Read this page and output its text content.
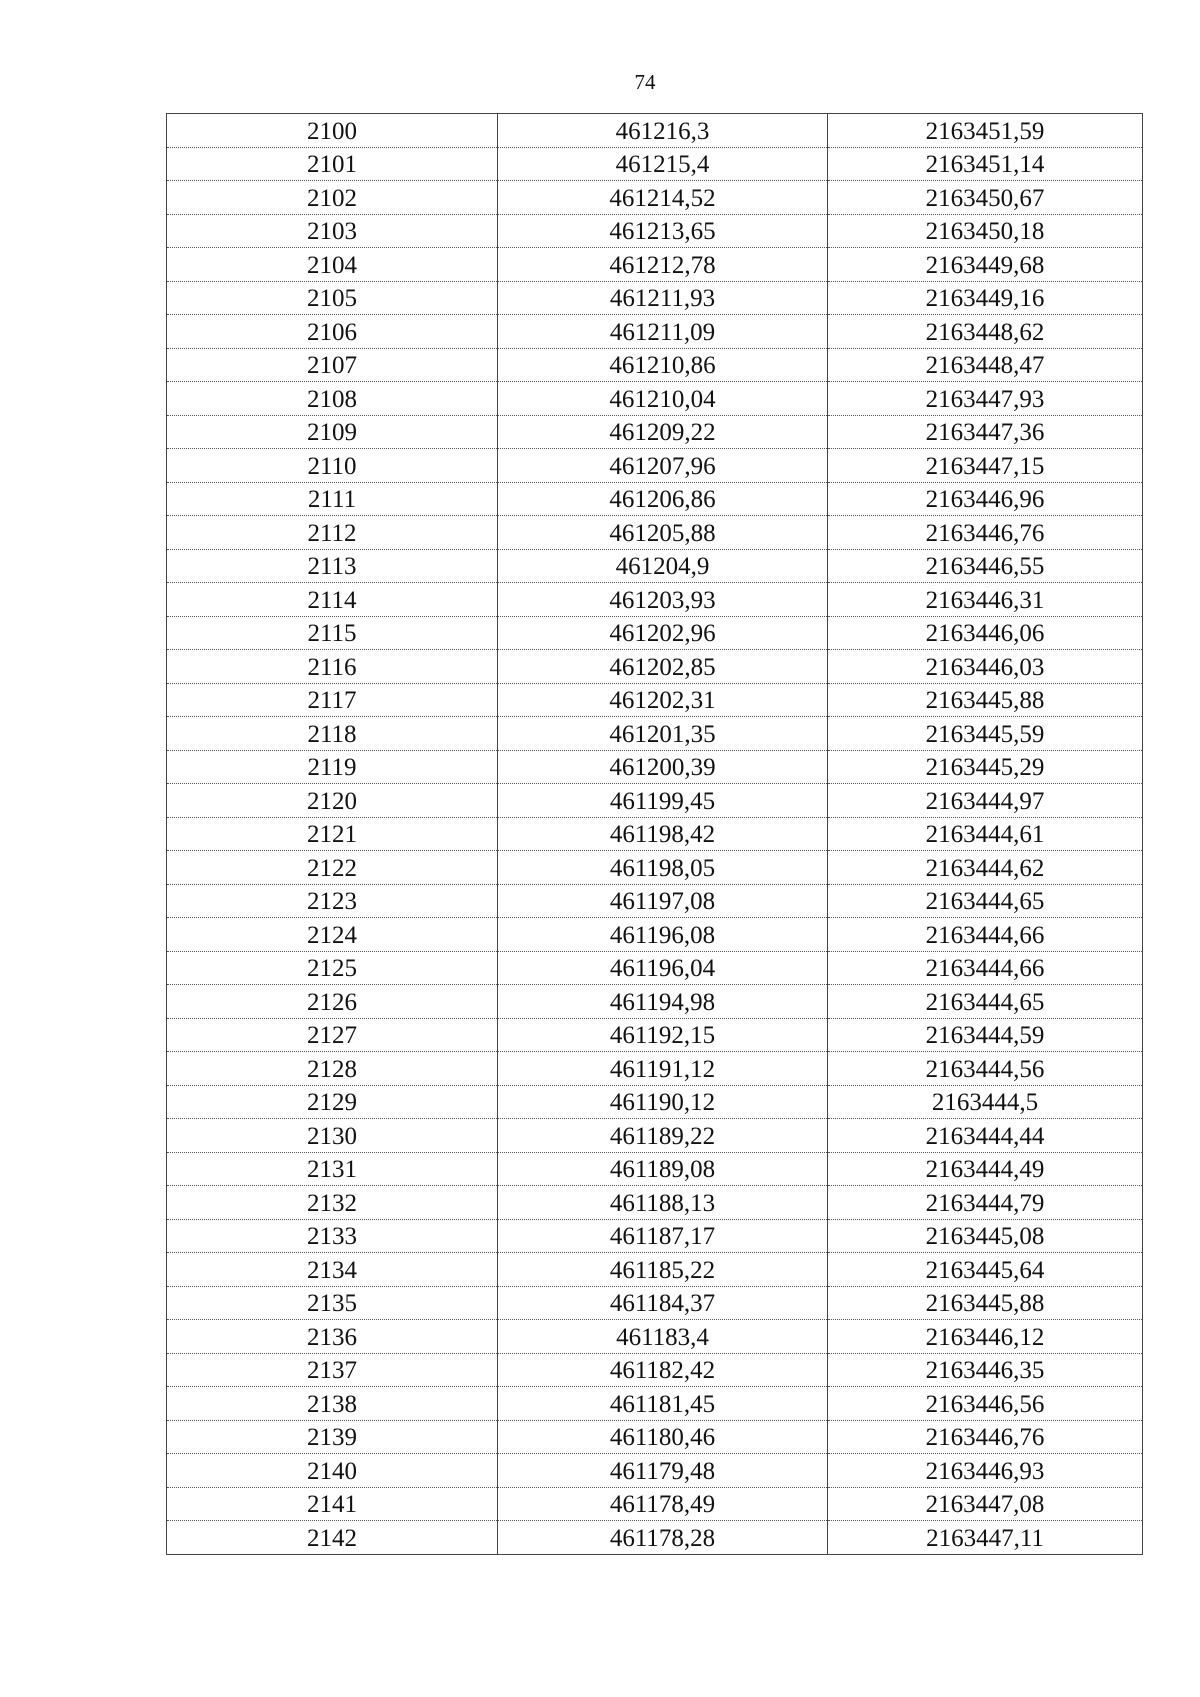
74
2100	461216,3	2163451,59
2101	461215,4	2163451,14
2102	461214,52	2163450,67
2103	461213,65	2163450,18
2104	461212,78	2163449,68
2105	461211,93	2163449,16
2106	461211,09	2163448,62
2107	461210,86	2163448,47
2108	461210,04	2163447,93
2109	461209,22	2163447,36
2110	461207,96	2163447,15
2111	461206,86	2163446,96
2112	461205,88	2163446,76
2113	461204,9	2163446,55
2114	461203,93	2163446,31
2115	461202,96	2163446,06
2116	461202,85	2163446,03
2117	461202,31	2163445,88
2118	461201,35	2163445,59
2119	461200,39	2163445,29
2120	461199,45	2163444,97
2121	461198,42	2163444,61
2122	461198,05	2163444,62
2123	461197,08	2163444,65
2124	461196,08	2163444,66
2125	461196,04	2163444,66
2126	461194,98	2163444,65
2127	461192,15	2163444,59
2128	461191,12	2163444,56
2129	461190,12	2163444,5
2130	461189,22	2163444,44
2131	461189,08	2163444,49
2132	461188,13	2163444,79
2133	461187,17	2163445,08
2134	461185,22	2163445,64
2135	461184,37	2163445,88
2136	461183,4	2163446,12
2137	461182,42	2163446,35
2138	461181,45	2163446,56
2139	461180,46	2163446,76
2140	461179,48	2163446,93
2141	461178,49	2163447,08
2142	461178,28	2163447,11
